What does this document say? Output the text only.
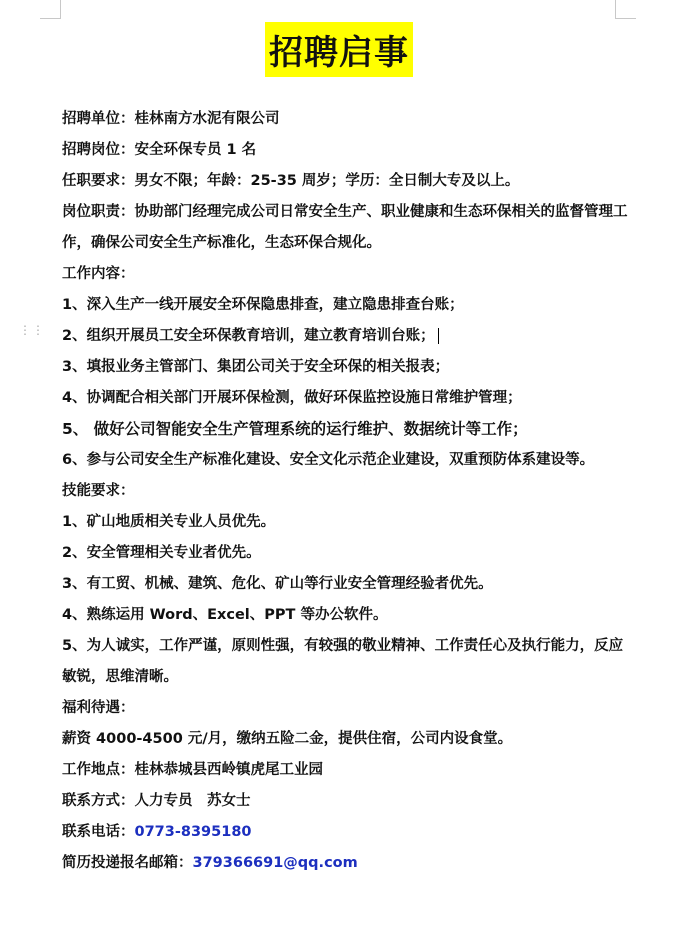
招聘启事
⋮⋮
招聘单位：桂林南方水泥有限公司
招聘岗位：安全环保专员 1 名
任职要求：男女不限；年龄：25-35 周岁；学历：全日制大专及以上。
岗位职责：协助部门经理完成公司日常安全生产、职业健康和生态环保相关的监督管理工作，确保公司安全生产标准化，生态环保合规化。
工作内容：
1、深入生产一线开展安全环保隐患排查，建立隐患排查台账；
2、组织开展员工安全环保教育培训，建立教育培训台账；
3、填报业务主管部门、集团公司关于安全环保的相关报表；
4、协调配合相关部门开展环保检测，做好环保监控设施日常维护管理；
5、 做好公司智能安全生产管理系统的运行维护、数据统计等工作；
6、参与公司安全生产标准化建设、安全文化示范企业建设，双重预防体系建设等。
技能要求：
1、矿山地质相关专业人员优先。
2、安全管理相关专业者优先。
3、有工贸、机械、建筑、危化、矿山等行业安全管理经验者优先。
4、熟练运用 Word、Excel、PPT 等办公软件。
5、为人诚实，工作严谨，原则性强，有较强的敬业精神、工作责任心及执行能力，反应敏锐，思维清晰。
福利待遇：
薪资 4000-4500 元/月，缴纳五险二金，提供住宿，公司内设食堂。
工作地点：桂林恭城县西岭镇虎尾工业园
联系方式：人力专员　苏女士
联系电话：0773-8395180
简历投递报名邮箱：379366691@qq.com
